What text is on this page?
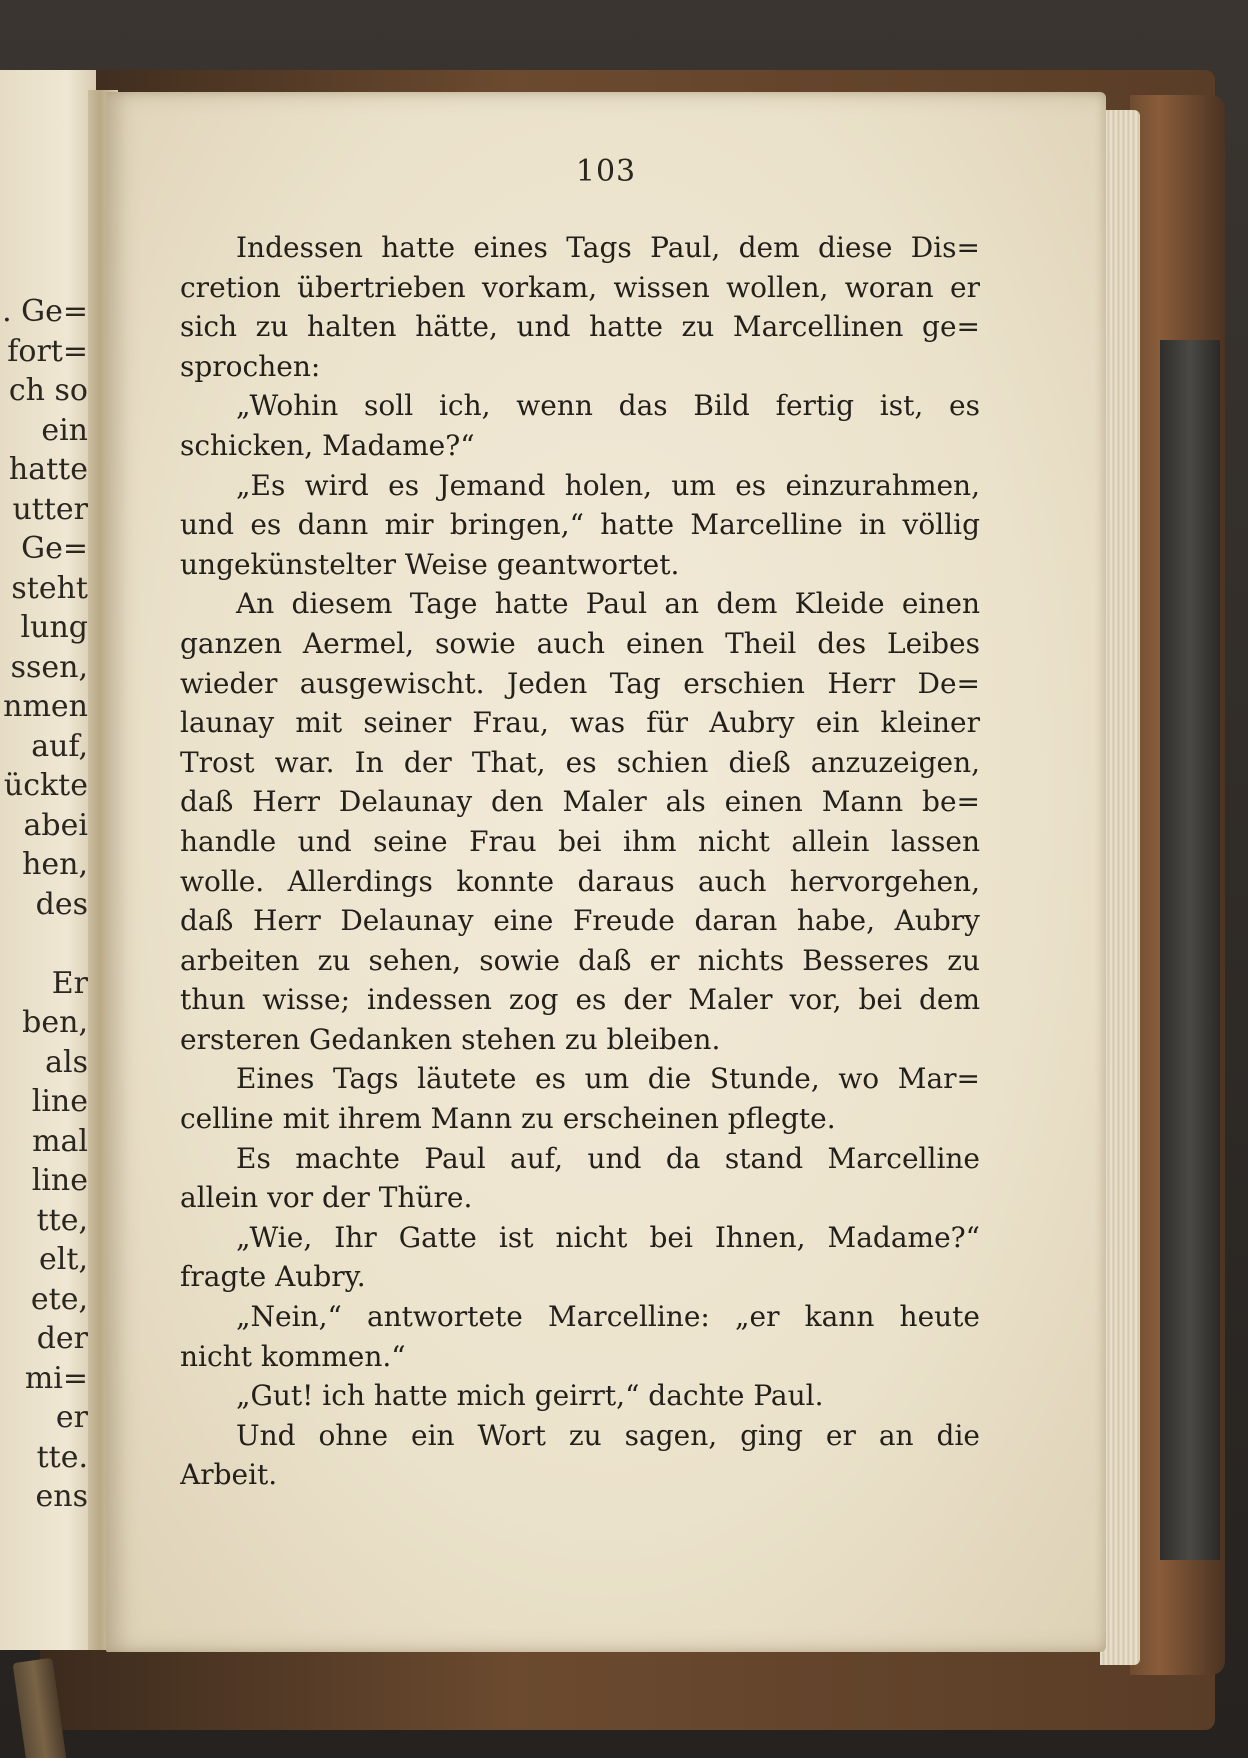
. Ge=
fort=
ch so
ein
hatte
utter
Ge=
steht
lung
ssen,
nmen
auf,
ückte
abei
hen,
des
Er
ben,
als
line
mal
line
tte,
elt,
ete,
der
mi=
er
tte.
ens
103
Indessen hatte eines Tags Paul, dem diese Dis=
cretion übertrieben vorkam, wissen wollen, woran er
sich zu halten hätte, und hatte zu Marcellinen ge=
sprochen:
„Wohin soll ich, wenn das Bild fertig ist, es
schicken, Madame?“
„Es wird es Jemand holen, um es einzurahmen,
und es dann mir bringen,“ hatte Marcelline in völlig
ungekünstelter Weise geantwortet.
An diesem Tage hatte Paul an dem Kleide einen
ganzen Aermel, sowie auch einen Theil des Leibes
wieder ausgewischt. Jeden Tag erschien Herr De=
launay mit seiner Frau, was für Aubry ein kleiner
Trost war. In der That, es schien dieß anzuzeigen,
daß Herr Delaunay den Maler als einen Mann be=
handle und seine Frau bei ihm nicht allein lassen
wolle. Allerdings konnte daraus auch hervorgehen,
daß Herr Delaunay eine Freude daran habe, Aubry
arbeiten zu sehen, sowie daß er nichts Besseres zu
thun wisse; indessen zog es der Maler vor, bei dem
ersteren Gedanken stehen zu bleiben.
Eines Tags läutete es um die Stunde, wo Mar=
celline mit ihrem Mann zu erscheinen pflegte.
Es machte Paul auf, und da stand Marcelline
allein vor der Thüre.
„Wie, Ihr Gatte ist nicht bei Ihnen, Madame?“
fragte Aubry.
„Nein,“ antwortete Marcelline: „er kann heute
nicht kommen.“
„Gut! ich hatte mich geirrt,“ dachte Paul.
Und ohne ein Wort zu sagen, ging er an die
Arbeit.
